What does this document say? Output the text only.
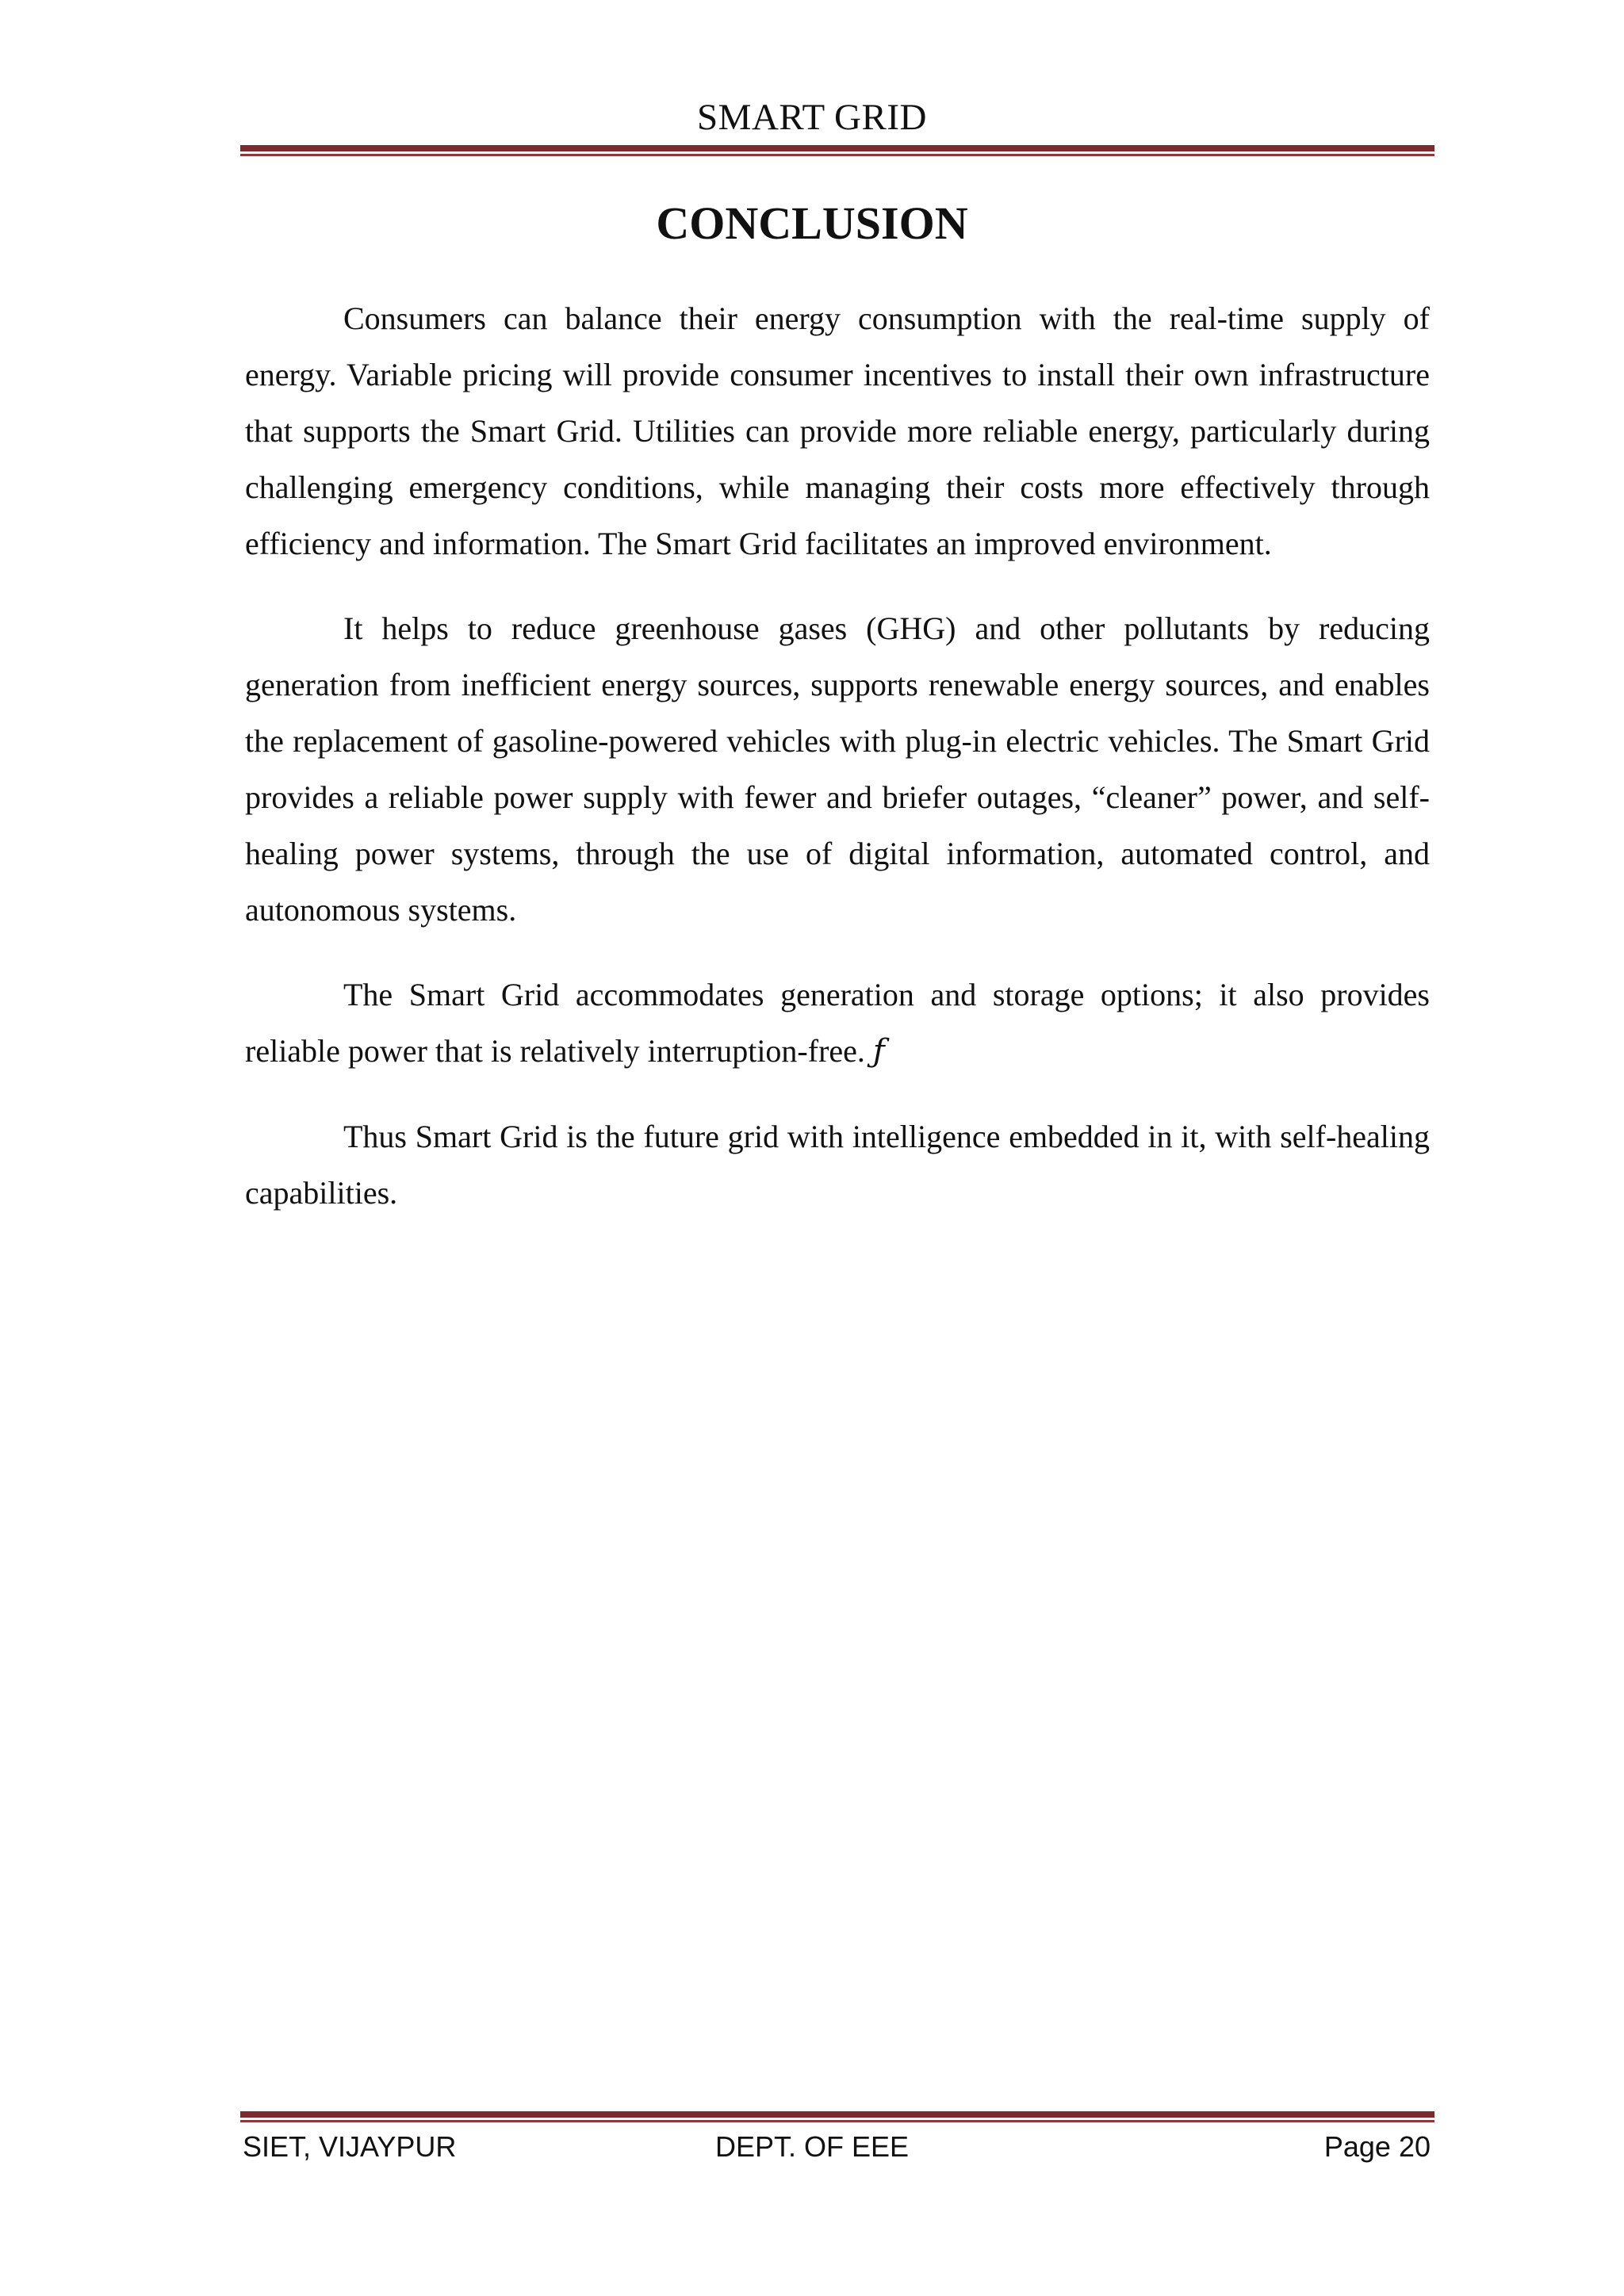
SMART GRID
CONCLUSION

Consumers can balance their energy consumption with the real-time supply of energy. Variable pricing will provide consumer incentives to install their own infrastructure that supports the Smart Grid. Utilities can provide more reliable energy, particularly during challenging emergency conditions, while managing their costs more effectively through efficiency and information. The Smart Grid facilitates an improved environment.

It helps to reduce greenhouse gases (GHG) and other pollutants by reducing generation from inefficient energy sources, supports renewable energy sources, and enables the replacement of gasoline-powered vehicles with plug-in electric vehicles. The Smart Grid provides a reliable power supply with fewer and briefer outages, “cleaner” power, and self- healing power systems, through the use of digital information, automated control, and autonomous systems.

The Smart Grid accommodates generation and storage options; it also provides reliable power that is relatively interruption-free. ƒ

Thus Smart Grid is the future grid with intelligence embedded in it, with self-healing capabilities.

DEPT. OF EEE
SIET, VIJAYPUR	Page 20
